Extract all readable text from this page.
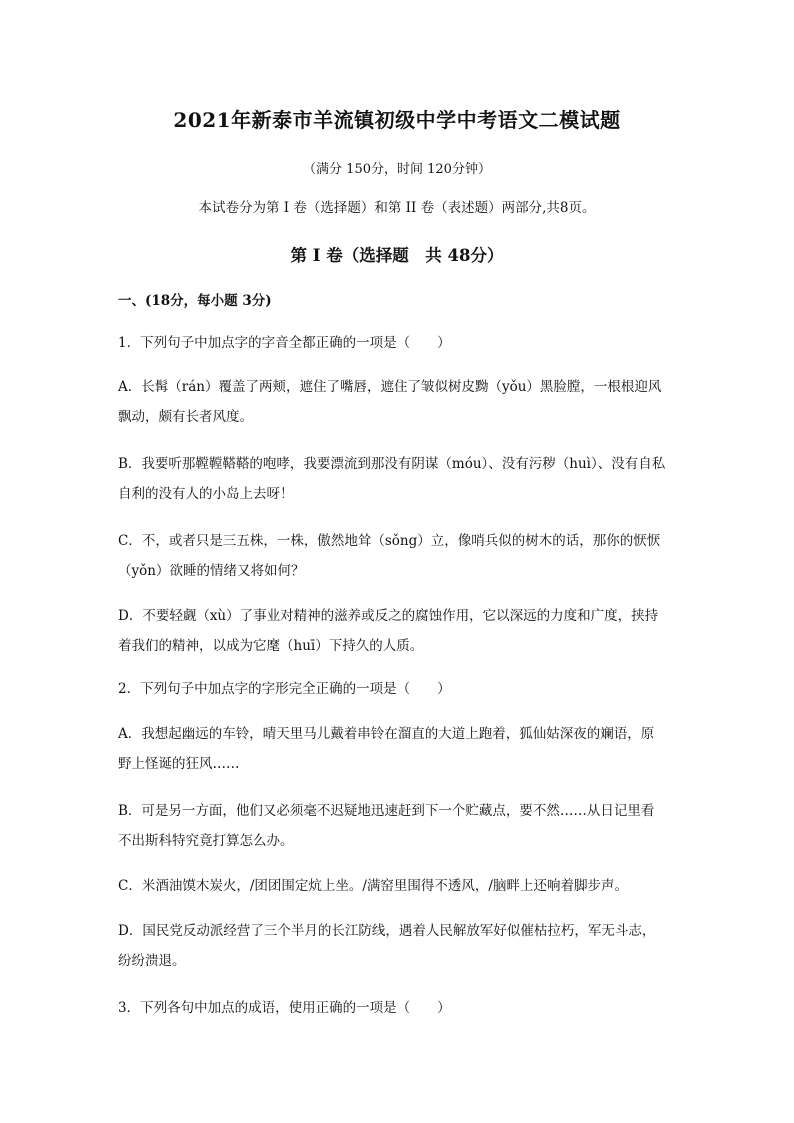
2021年新泰市羊流镇初级中学中考语文二模试题
（满分 150分，时间 120分钟）
本试卷分为第 I 卷（选择题）和第 II 卷（表述题）两部分,共8页。
第 I 卷（选择题　共 48分）
一、(18分，每小题 3分)
1．下列句子中加点字的字音全都正确的一项是（　　）
A．长髯（rán）覆盖了两颊，遮住了嘴唇，遮住了皱似树皮黝（yǒu）黑脸膛，一根根迎风
飘动，颇有长者风度。
B．我要听那鞺鞺鞳鞳的咆哮，我要漂流到那没有阴谋（móu）、没有污秽（huì）、没有自私
自利的没有人的小岛上去呀！
C．不，或者只是三五株，一株，傲然地耸（sǒng）立，像哨兵似的树木的话，那你的恹恹
（yǒn）欲睡的情绪又将如何？
D．不要轻觑（xù）了事业对精神的滋养或反之的腐蚀作用，它以深远的力度和广度，挟持
着我们的精神，以成为它麾（huī）下持久的人质。
2．下列句子中加点字的字形完全正确的一项是（　　）
A．我想起幽远的车铃，晴天里马儿戴着串铃在溜直的大道上跑着，狐仙姑深夜的斓语，原
野上怪诞的狂风……
B．可是另一方面，他们又必须毫不迟疑地迅速赶到下一个贮藏点，要不然……从日记里看
不出斯科特究竟打算怎么办。
C．米酒油馍木炭火，/团团围定炕上坐。/满窑里围得不透风，/脑畔上还响着脚步声。
D．国民党反动派经营了三个半月的长江防线，遇着人民解放军好似催枯拉朽，军无斗志，
纷纷溃退。
3．下列各句中加点的成语，使用正确的一项是（　　）
